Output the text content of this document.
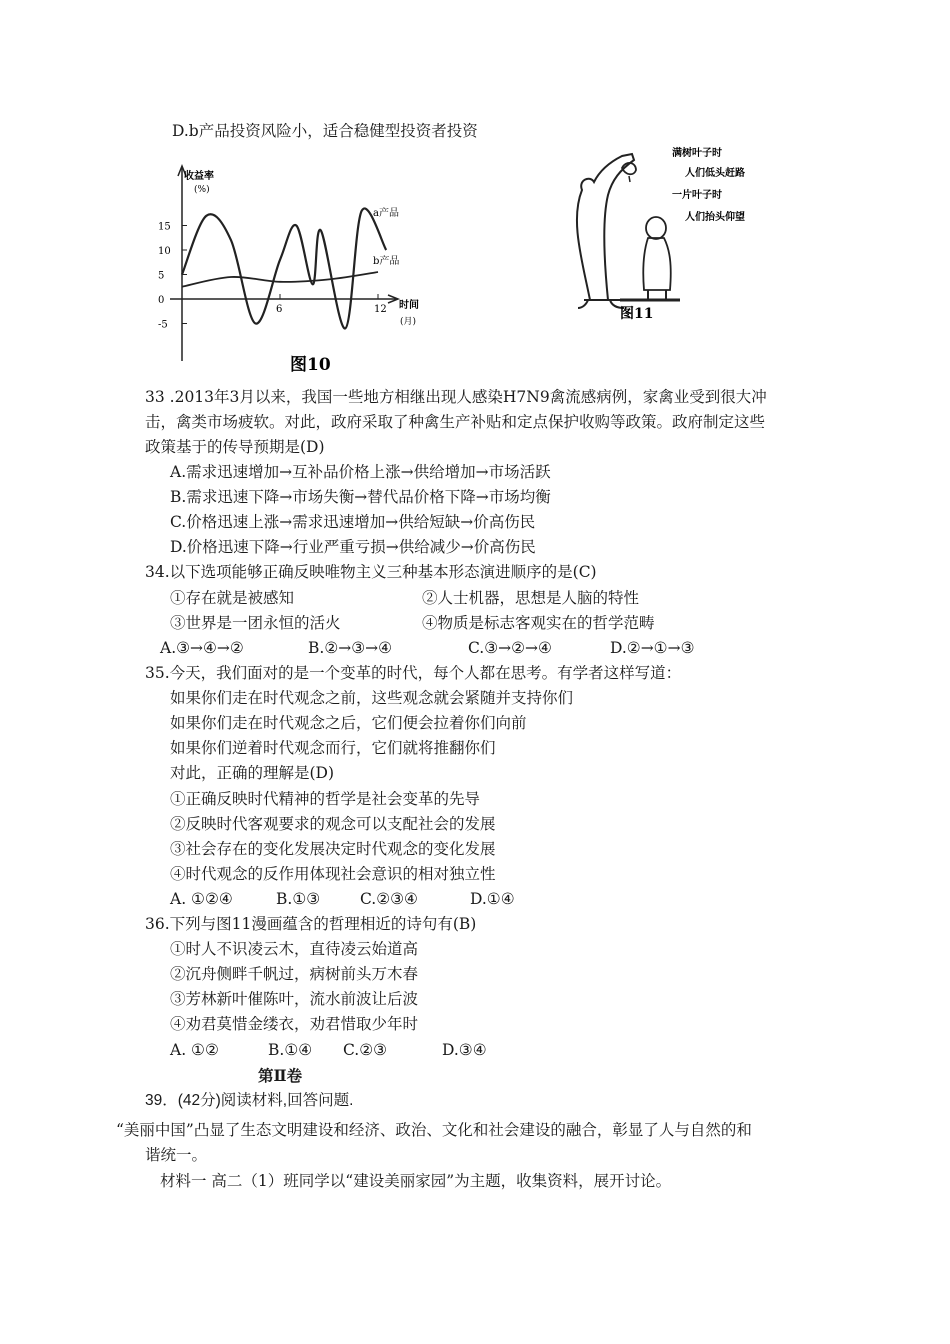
D.b产品投资风险小，适合稳健型投资者投资
15
10
5
0
-5
6	12
收益率
(%)
时间
(月)
a产品
b产品
图10
满树叶子时
人们低头赶路
一片叶子时
人们抬头仰望
图11
33 .2013年3月以来，我国一些地方相继出现人感染H7N9禽流感病例，家禽业受到很大冲
击，禽类市场疲软。对此，政府采取了种禽生产补贴和定点保护收购等政策。政府制定这些
政策基于的传导预期是(D)
A.需求迅速增加→互补品价格上涨→供给增加→市场活跃
B.需求迅速下降→市场失衡→替代品价格下降→市场均衡
C.价格迅速上涨→需求迅速增加→供给短缺→价高伤民
D.价格迅速下降→行业严重亏损→供给减少→价高伤民
34.以下选项能够正确反映唯物主义三种基本形态演进顺序的是(C)
①存在就是被感知	②人士机器，思想是人脑的特性
③世界是一团永恒的活火	④物质是标志客观实在的哲学范畴
A.③→④→②	B.②→③→④	C.③→②→④	D.②→①→③
35.今天，我们面对的是一个变革的时代，每个人都在思考。有学者这样写道：
如果你们走在时代观念之前，这些观念就会紧随并支持你们
如果你们走在时代观念之后，它们便会拉着你们向前
如果你们逆着时代观念而行，它们就将推翻你们
对此，正确的理解是(D)
①正确反映时代精神的哲学是社会变革的先导
②反映时代客观要求的观念可以支配社会的发展
③社会存在的变化发展决定时代观念的变化发展
④时代观念的反作用体现社会意识的相对独立性
A. ①②④	B.①③	C.②③④	D.①④
36.下列与图11漫画蕴含的哲理相近的诗句有(B)
①时人不识凌云木，直待凌云始道高
②沉舟侧畔千帆过，病树前头万木春
③芳林新叶催陈叶，流水前波让后波
④劝君莫惜金缕衣，劝君惜取少年时
A. ①②	B.①④ C.②③	D.③④
第Ⅱ卷
39．(42分)阅读材料,回答问题.
“美丽中国”凸显了生态文明建设和经济、政治、文化和社会建设的融合，彰显了人与自然的和
谐统一。
材料一 高二（1）班同学以“建设美丽家园”为主题，收集资料，展开讨论。
